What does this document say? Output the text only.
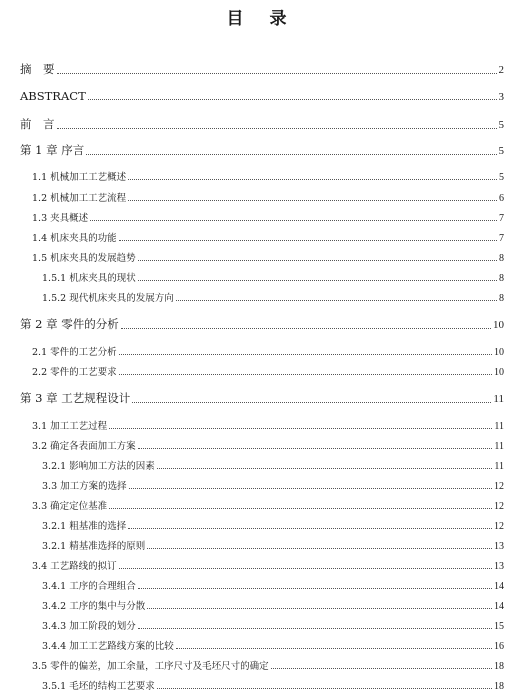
目 录
摘　要	2
ABSTRACT	3
前　言	5
第 1 章 序言	5
1.1 机械加工工艺概述	5
1.2 机械加工工艺流程	6
1.3 夹具概述	7
1.4 机床夹具的功能	7
1.5 机床夹具的发展趋势	8
1.5.1 机床夹具的现状	8
1.5.2 现代机床夹具的发展方向	8
第 2 章 零件的分析	10
2.1 零件的工艺分析	10
2.2 零件的工艺要求	10
第 3 章 工艺规程设计	11
3.1 加工工艺过程	11
3.2 确定各表面加工方案	11
3.2.1 影响加工方法的因素	11
3.3 加工方案的选择	12
3.3 确定定位基准	12
3.2.1 粗基准的选择	12
3.2.1 精基准选择的原则	13
3.4 工艺路线的拟订	13
3.4.1 工序的合理组合	14
3.4.2 工序的集中与分散	14
3.4.3 加工阶段的划分	15
3.4.4 加工工艺路线方案的比较	16
3.5 零件的偏差，加工余量，工序尺寸及毛坯尺寸的确定	18
3.5.1 毛坯的结构工艺要求	18
